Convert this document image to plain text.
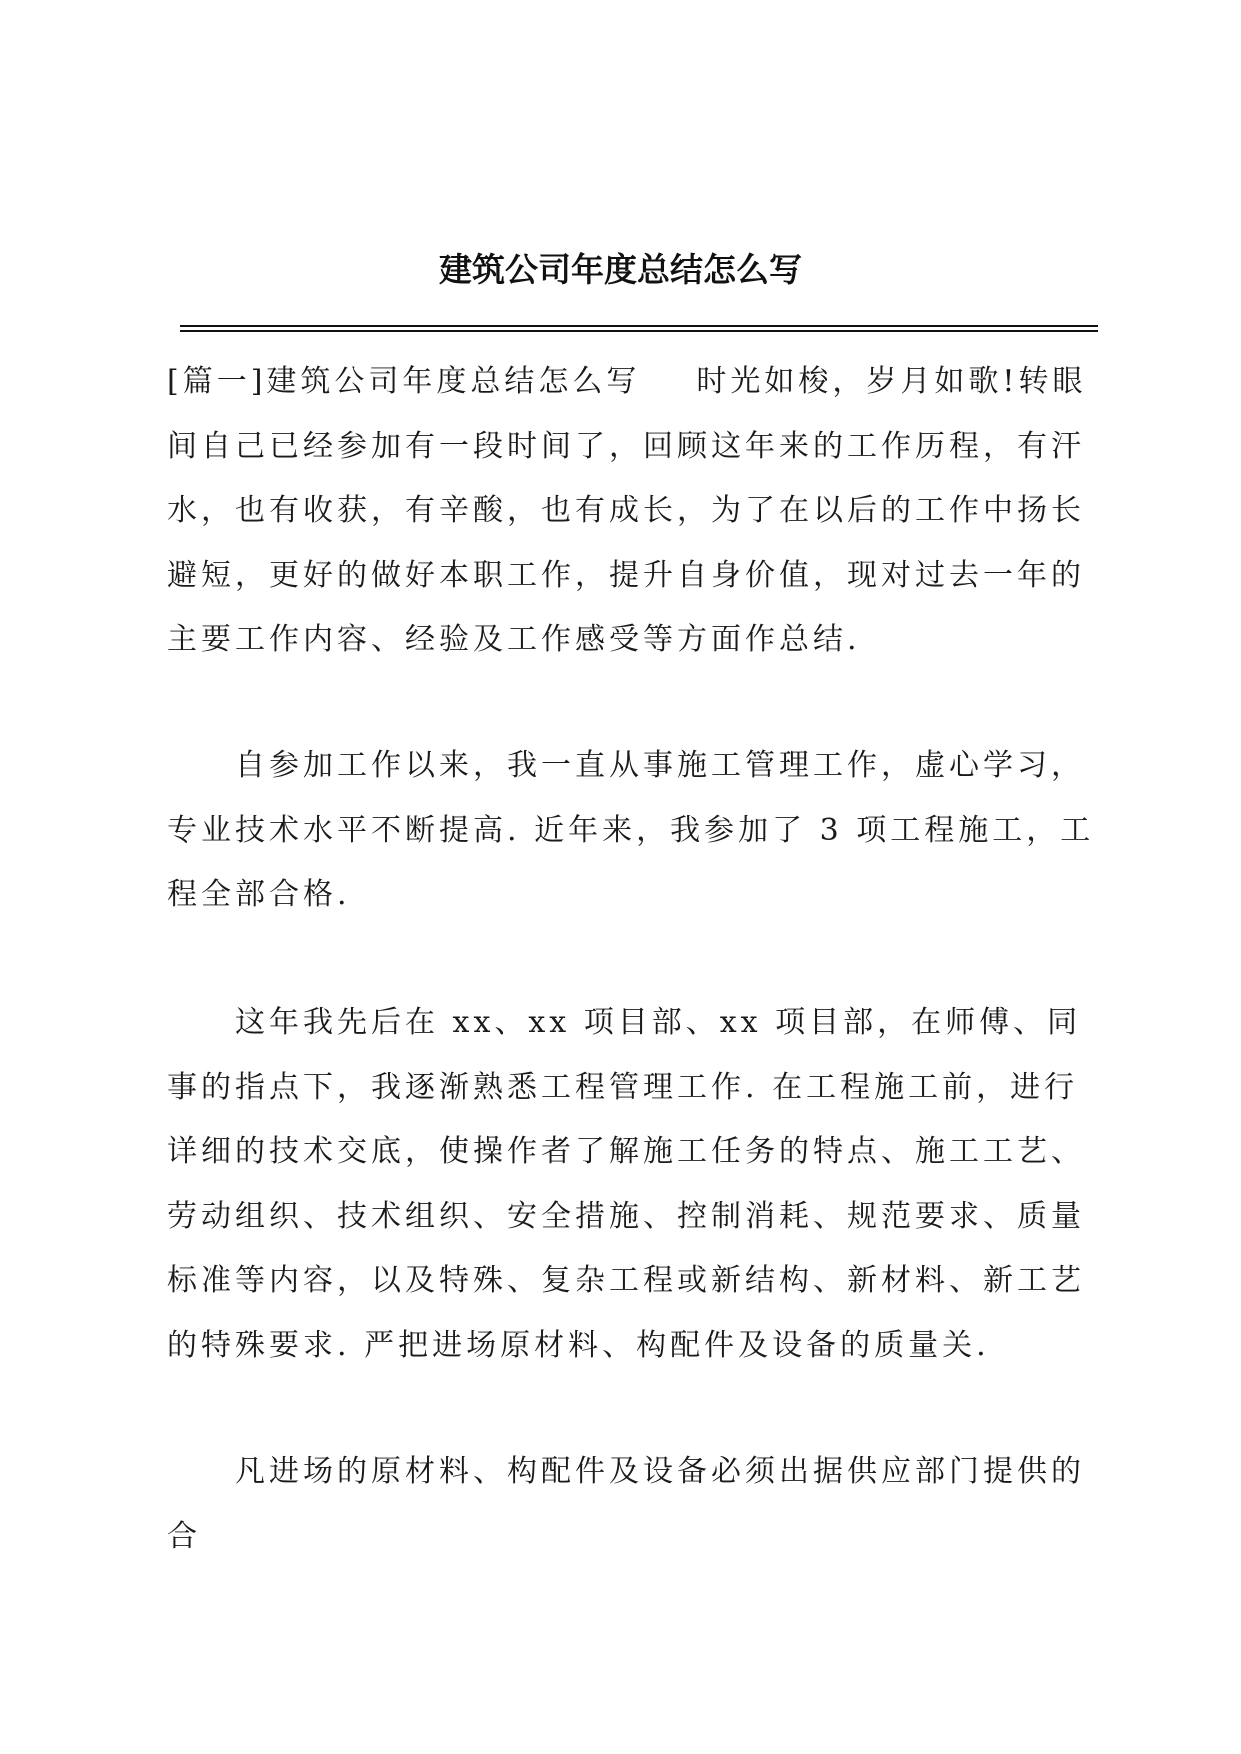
建筑公司年度总结怎么写

[篇一]建筑公司年度总结怎么写 时光如梭，岁月如歌!转眼间自己已经参加有一段时间了，回顾这年来的工作历程，有汗水，也有收获，有辛酸，也有成长，为了在以后的工作中扬长避短，更好的做好本职工作，提升自身价值，现对过去一年的主要工作内容、经验及工作感受等方面作总结.

自参加工作以来，我一直从事施工管理工作，虚心学习，专业技术水平不断提高. 近年来，我参加了 3 项工程施工，工程全部合格.

这年我先后在 xx、xx 项目部、xx 项目部，在师傅、同事的指点下，我逐渐熟悉工程管理工作. 在工程施工前，进行详细的技术交底，使操作者了解施工任务的特点、施工工艺、劳动组织、技术组织、安全措施、控制消耗、规范要求、质量标准等内容，以及特殊、复杂工程或新结构、新材料、新工艺的特殊要求. 严把进场原材料、构配件及设备的质量关.

凡进场的原材料、构配件及设备必须出据供应部门提供的合
